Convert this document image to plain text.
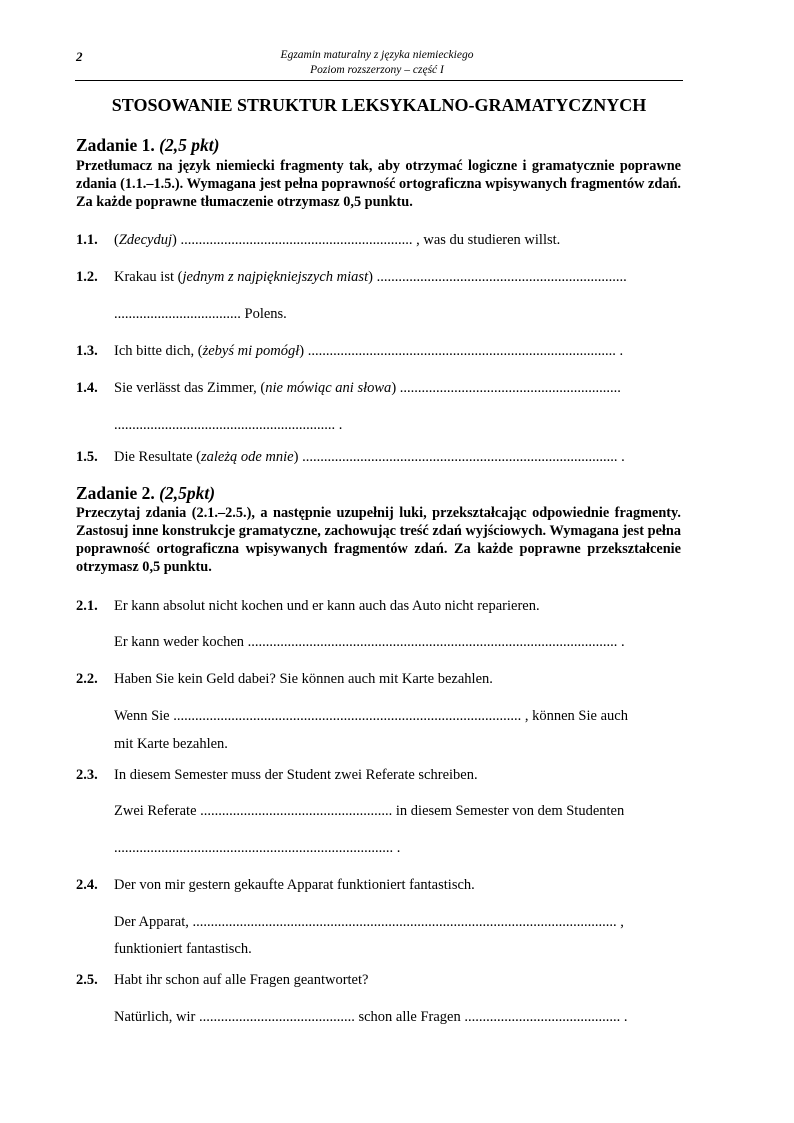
2	Egzamin maturalny z języka niemieckiego
Poziom rozszerzony – część I
STOSOWANIE STRUKTUR LEKSYKALNO-GRAMATYCZNYCH
Zadanie 1. (2,5 pkt)
Przetłumacz na język niemiecki fragmenty tak, aby otrzymać logiczne i gramatycznie poprawne zdania (1.1.–1.5.). Wymagana jest pełna poprawność ortograficzna wpisywanych fragmentów zdań. Za każde poprawne tłumaczenie otrzymasz 0,5 punktu.
1.1. (Zdecyduj) ................................................................ , was du studieren willst.
1.2. Krakau ist (jednym z najpiękniejszych miast) .....................................................................
................................... Polens.
1.3. Ich bitte dich, (żebyś mi pomógł) ..................................................................................... .
1.4. Sie verlässt das Zimmer, (nie mówiąc ani słowa) .............................................................
............................................................. .
1.5. Die Resultate (zależą ode mnie) ....................................................................................... .
Zadanie 2. (2,5pkt)
Przeczytaj zdania (2.1.–2.5.), a następnie uzupełnij luki, przekształcając odpowiednie fragmenty. Zastosuj inne konstrukcje gramatyczne, zachowując treść zdań wyjściowych. Wymagana jest pełna poprawność ortograficzna wpisywanych fragmentów zdań. Za każde poprawne przekształcenie otrzymasz 0,5 punktu.
2.1. Er kann absolut nicht kochen und er kann auch das Auto nicht reparieren.
Er kann weder kochen ...................................................................................................... .
2.2. Haben Sie kein Geld dabei? Sie können auch mit Karte bezahlen.
Wenn Sie ................................................................................................ , können Sie auch
mit Karte bezahlen.
2.3. In diesem Semester muss der Student zwei Referate schreiben.
Zwei Referate ..................................................... in diesem Semester von dem Studenten
............................................................................. .
2.4. Der von mir gestern gekaufte Apparat funktioniert fantastisch.
Der Apparat, ..................................................................................................................... ,
funktioniert fantastisch.
2.5. Habt ihr schon auf alle Fragen geantwortet?
Natürlich, wir ........................................... schon alle Fragen ........................................... .
